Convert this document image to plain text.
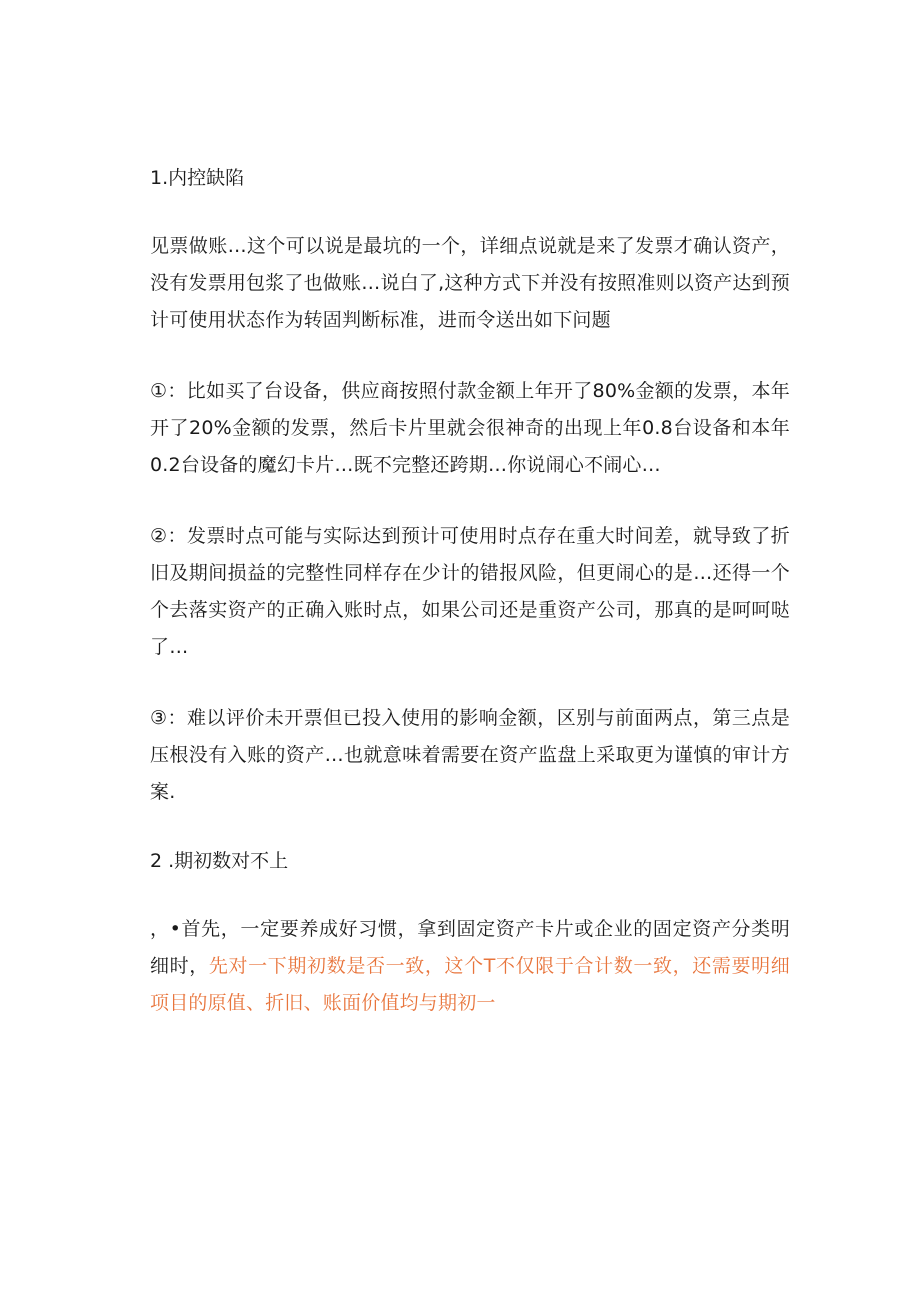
1.内控缺陷

见票做账…这个可以说是最坑的一个，详细点说就是来了发票才确认资产，没有发票用包浆了也做账…说白了,这种方式下并没有按照准则以资产达到预计可使用状态作为转固判断标准，进而令送出如下问题

①：比如买了台设备，供应商按照付款金额上年开了80%金额的发票，本年开了20%金额的发票，然后卡片里就会很神奇的出现上年0.8台设备和本年0.2台设备的魔幻卡片…既不完整还跨期…你说闹心不闹心…

②：发票时点可能与实际达到预计可使用时点存在重大时间差，就导致了折旧及期间损益的完整性同样存在少计的错报风险，但更闹心的是…还得一个个去落实资产的正确入账时点，如果公司还是重资产公司，那真的是呵呵哒了…

③：难以评价未开票但已投入使用的影响金额，区别与前面两点，第三点是压根没有入账的资产…也就意味着需要在资产监盘上采取更为谨慎的审计方案.

2 .期初数对不上

，•首先，一定要养成好习惯，拿到固定资产卡片或企业的固定资产分类明细时，先对一下期初数是否一致，这个T不仅限于合计数一致，还需要明细项目的原值、折旧、账面价值均与期初一
